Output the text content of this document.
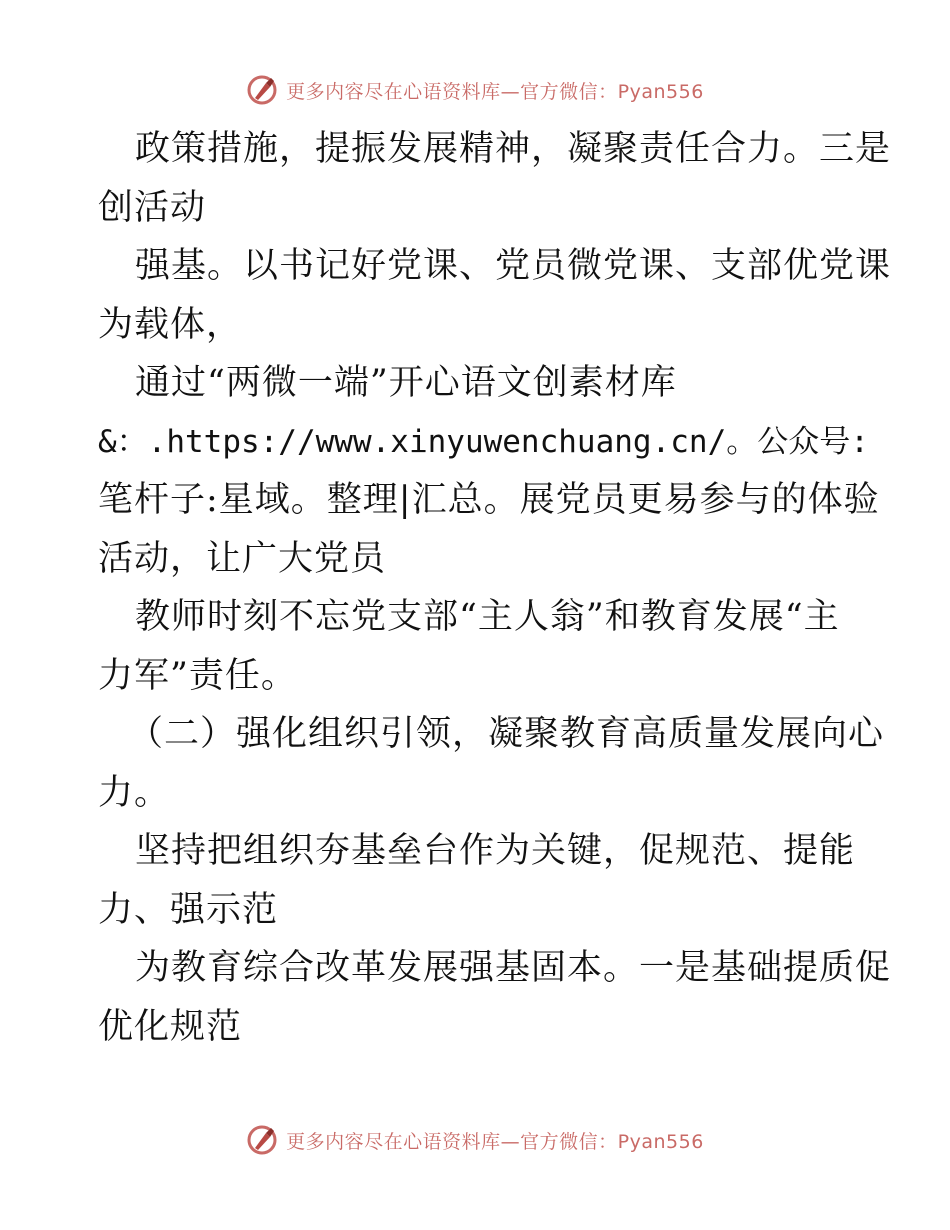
更多内容尽在心语资料库—官方微信：Pyan556
政策措施，提振发展精神，凝聚责任合力。三是
创活动
强基。以书记好党课、党员微党课、支部优党课
为载体，
通过“两微一端”开心语文创素材库
&：.https://www.xinyuwenchuang.cn/。公众号:
笔杆子:星域。整理|汇总。展党员更易参与的体验
活动，让广大党员
教师时刻不忘党支部“主人翁”和教育发展“主
力军”责任。
（二）强化组织引领，凝聚教育高质量发展向心
力。
坚持把组织夯基垒台作为关键，促规范、提能
力、强示范
为教育综合改革发展强基固本。一是基础提质促
优化规范
更多内容尽在心语资料库—官方微信：Pyan556
